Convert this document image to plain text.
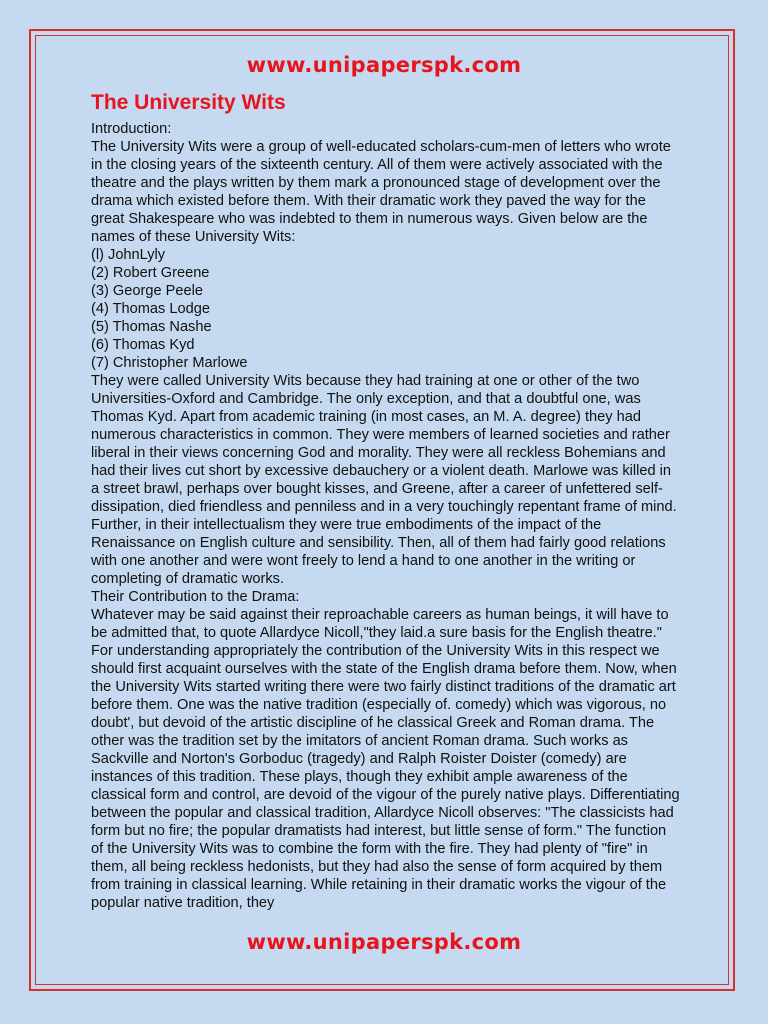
www.unipaperspk.com
The University Wits

Introduction:

The University Wits were a group of well-educated scholars-cum-men of letters who wrote in the closing years of the sixteenth century. All of them were actively associated with the theatre and the plays written by them mark a pronounced stage of development over the drama which existed before them. With their dramatic work they paved the way for the great Shakespeare who was indebted to them in numerous ways. Given below are the names of these University Wits:

(l) JohnLyly

(2) Robert Greene

(3) George Peele

(4) Thomas Lodge

(5) Thomas Nashe

(6) Thomas Kyd

(7) Christopher Marlowe

They were called University Wits because they had training at one or other of the two Universities-Oxford and Cambridge. The only exception, and that a doubtful one, was Thomas Kyd. Apart from academic training (in most cases, an M. A. degree) they had numerous characteristics in common. They were members of learned societies and rather liberal in their views concerning God and morality. They were all reckless Bohemians and had their lives cut short by excessive debauchery or a violent death. Marlowe was killed in a street brawl, perhaps over bought kisses, and Greene, after a career of unfettered self-dissipation, died friendless and penniless and in a very touchingly repentant frame of mind. Further, in their intellectualism they were true embodiments of the impact of the Renaissance on English culture and sensibility. Then, all of them had fairly good relations with one another and were wont freely to lend a hand to one another in the writing or completing of dramatic works.

Their Contribution to the Drama:

Whatever may be said against their reproachable careers as human beings, it will have to be admitted that, to quote Allardyce Nicoll,"they laid.a sure basis for the English theatre." For understanding appropriately the contribution of the University Wits in this respect we should first acquaint ourselves with the state of the English drama before them. Now, when the University Wits started writing there were two fairly distinct traditions of the dramatic art before them. One was the native tradition (especially of. comedy) which was vigorous, no doubt', but devoid of the artistic discipline of he classical Greek and Roman drama. The other was the tradition set by the imitators of ancient Roman drama. Such works as Sackville and Norton's Gorboduc (tragedy) and Ralph Roister Doister (comedy) are instances of this tradition. These plays, though they exhibit ample awareness of the classical form and control, are devoid of the vigour of the purely native plays. Differentiating between the popular and classical tradition, Allardyce Nicoll observes: "The classicists had form but no fire; the popular dramatists had interest, but little sense of form." The function of the University Wits was to combine the form with the fire. They had plenty of "fire" in them, all being reckless hedonists, but they had also the sense of form acquired by them from training in classical learning. While retaining in their dramatic works the vigour of the popular native tradition, they

www.unipaperspk.com
